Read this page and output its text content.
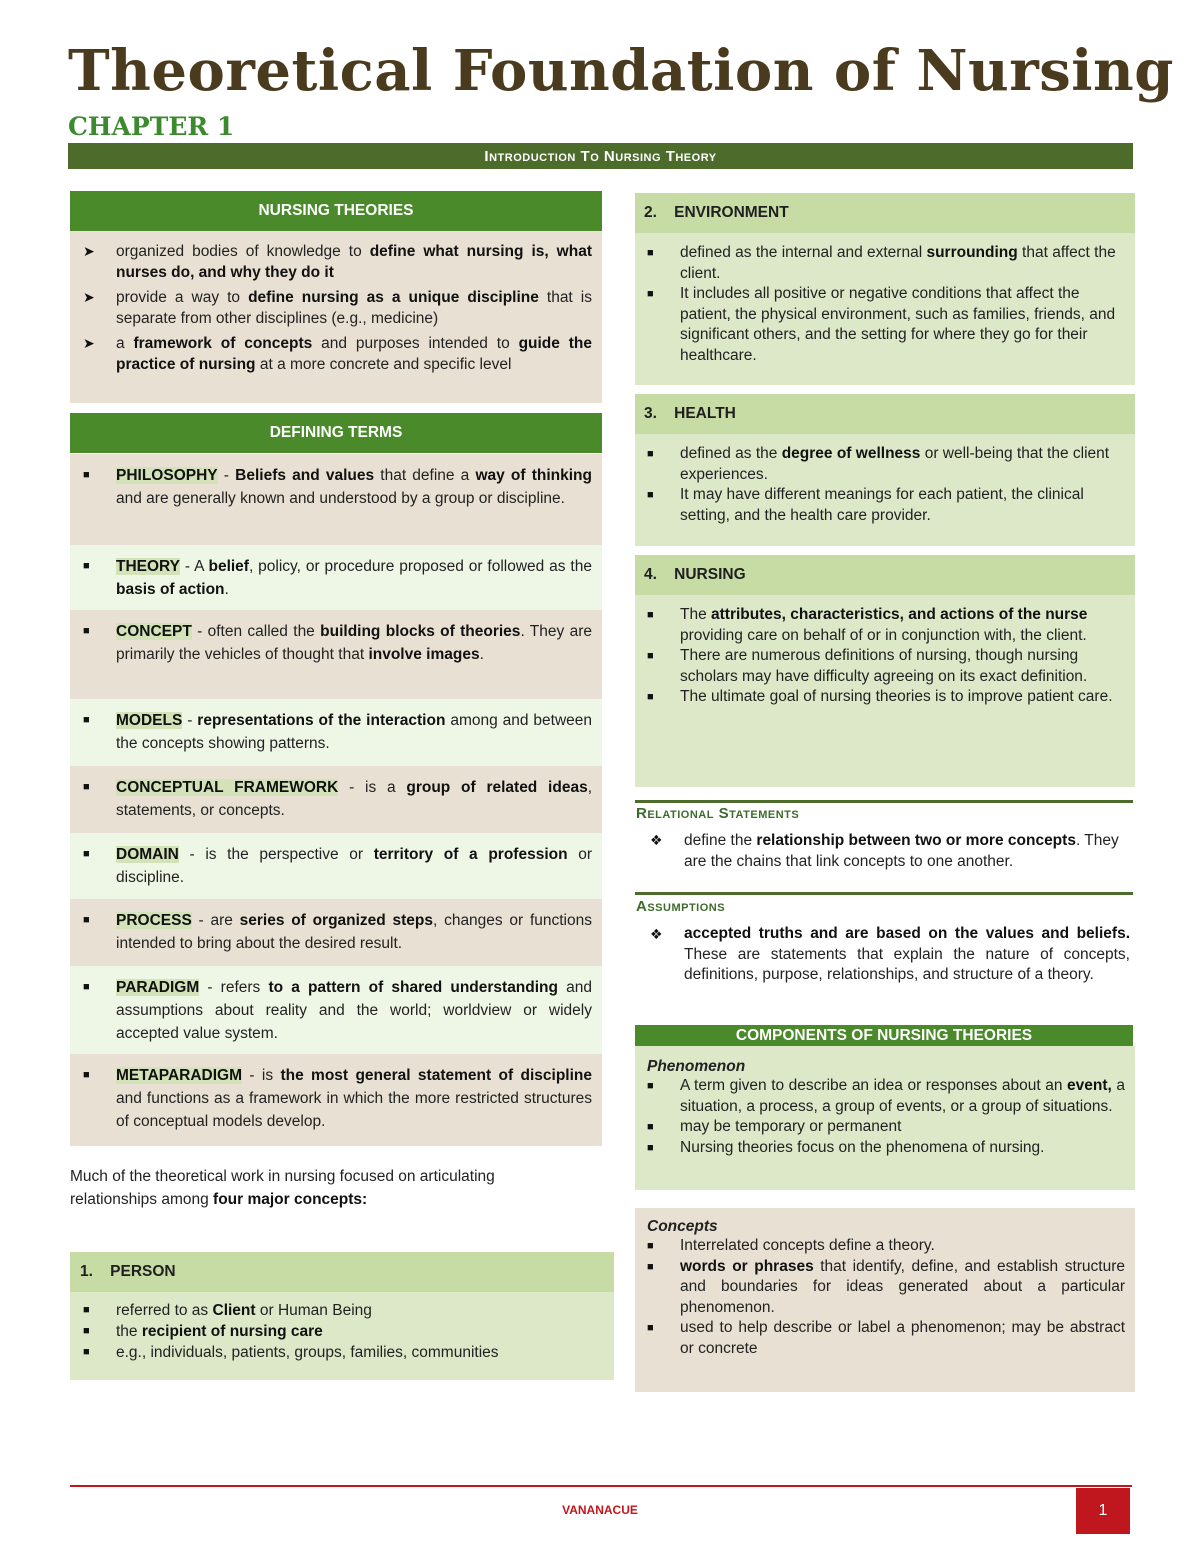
Theoretical Foundation of Nursing
CHAPTER 1
Introduction To Nursing Theory
NURSING THEORIES
➤ organized bodies of knowledge to define what nursing is, what nurses do, and why they do it
➤ provide a way to define nursing as a unique discipline that is separate from other disciplines (e.g., medicine)
➤ a framework of concepts and purposes intended to guide the practice of nursing at a more concrete and specific level
DEFINING TERMS
■ PHILOSOPHY - Beliefs and values that define a way of thinking and are generally known and understood by a group or discipline.
■ THEORY - A belief, policy, or procedure proposed or followed as the basis of action.
■ CONCEPT - often called the building blocks of theories. They are primarily the vehicles of thought that involve images.
■ MODELS - representations of the interaction among and between the concepts showing patterns.
■ CONCEPTUAL FRAMEWORK - is a group of related ideas, statements, or concepts.
■ DOMAIN - is the perspective or territory of a profession or discipline.
■ PROCESS - are series of organized steps, changes or functions intended to bring about the desired result.
■ PARADIGM - refers to a pattern of shared understanding and assumptions about reality and the world; worldview or widely accepted value system.
■ METAPARADIGM - is the most general statement of discipline and functions as a framework in which the more restricted structures of conceptual models develop.
Much of the theoretical work in nursing focused on articulating relationships among four major concepts:
1.    PERSON
■ referred to as Client or Human Being
■ the recipient of nursing care
■ e.g., individuals, patients, groups, families, communities
2.    ENVIRONMENT
■ defined as the internal and external surrounding that affect the client.
■ It includes all positive or negative conditions that affect the patient, the physical environment, such as families, friends, and significant others, and the setting for where they go for their healthcare.
3.    HEALTH
■ defined as the degree of wellness or well-being that the client experiences.
■ It may have different meanings for each patient, the clinical setting, and the health care provider.
4.    NURSING
■ The attributes, characteristics, and actions of the nurse providing care on behalf of or in conjunction with, the client.
■ There are numerous definitions of nursing, though nursing scholars may have difficulty agreeing on its exact definition.
■ The ultimate goal of nursing theories is to improve patient care.
Relational Statements
❖ define the relationship between two or more concepts. They are the chains that link concepts to one another.
Assumptions
❖ accepted truths and are based on the values and beliefs. These are statements that explain the nature of concepts, definitions, purpose, relationships, and structure of a theory.
COMPONENTS OF NURSING THEORIES
Phenomenon
■ A term given to describe an idea or responses about an event, a situation, a process, a group of events, or a group of situations.
■ may be temporary or permanent
■ Nursing theories focus on the phenomena of nursing.
Concepts
■ Interrelated concepts define a theory.
■ words or phrases that identify, define, and establish structure and boundaries for ideas generated about a particular phenomenon.
■ used to help describe or label a phenomenon; may be abstract or concrete
VANANACUE	1
